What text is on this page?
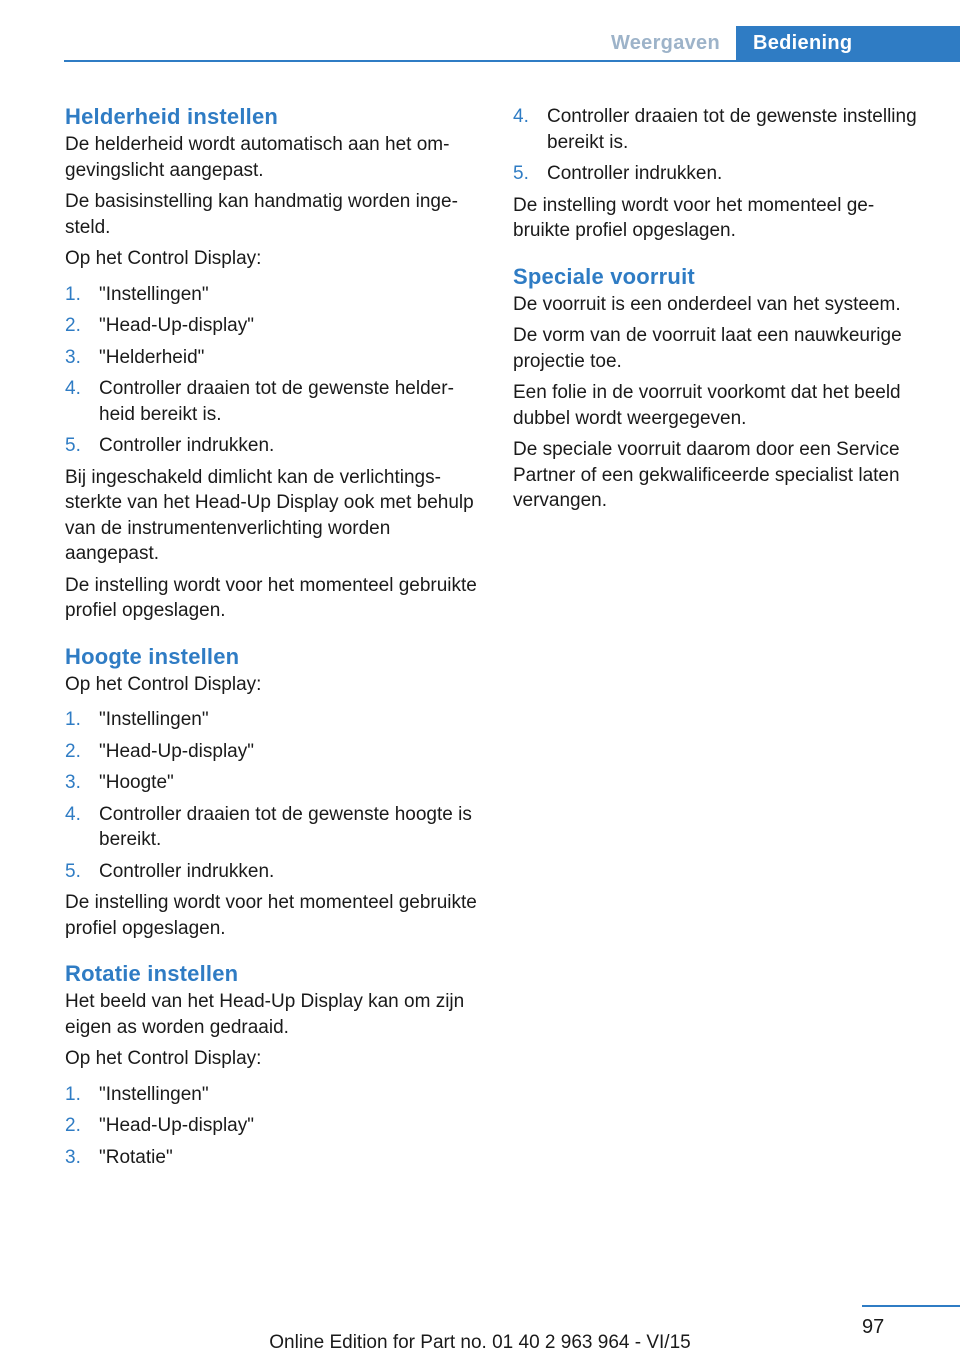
Weergaven	Bediening
Helderheid instellen

De helderheid wordt automatisch aan het omgevingslicht aangepast.

De basisinstelling kan handmatig worden ingesteld.

Op het Control Display:

1. "Instellingen"
2. "Head-Up-display"
3. "Helderheid"
4. Controller draaien tot de gewenste helderheid bereikt is.
5. Controller indrukken.

Bij ingeschakeld dimlicht kan de verlichtingssterkte van het Head-Up Display ook met behulp van de instrumentenverlichting worden aangepast.

De instelling wordt voor het momenteel gebruikte profiel opgeslagen.

Hoogte instellen

Op het Control Display:

1. "Instellingen"
2. "Head-Up-display"
3. "Hoogte"
4. Controller draaien tot de gewenste hoogte is bereikt.
5. Controller indrukken.

De instelling wordt voor het momenteel gebruikte profiel opgeslagen.

Rotatie instellen

Het beeld van het Head-Up Display kan om zijn eigen as worden gedraaid.

Op het Control Display:

1. "Instellingen"
2. "Head-Up-display"
3. "Rotatie"
4. Controller draaien tot de gewenste instelling bereikt is.
5. Controller indrukken.

De instelling wordt voor het momenteel gebruikte profiel opgeslagen.

Speciale voorruit

De voorruit is een onderdeel van het systeem.

De vorm van de voorruit laat een nauwkeurige projectie toe.

Een folie in de voorruit voorkomt dat het beeld dubbel wordt weergegeven.

De speciale voorruit daarom door een Service Partner of een gekwalificeerde specialist laten vervangen.

97
Online Edition for Part no. 01 40 2 963 964 - VI/15
